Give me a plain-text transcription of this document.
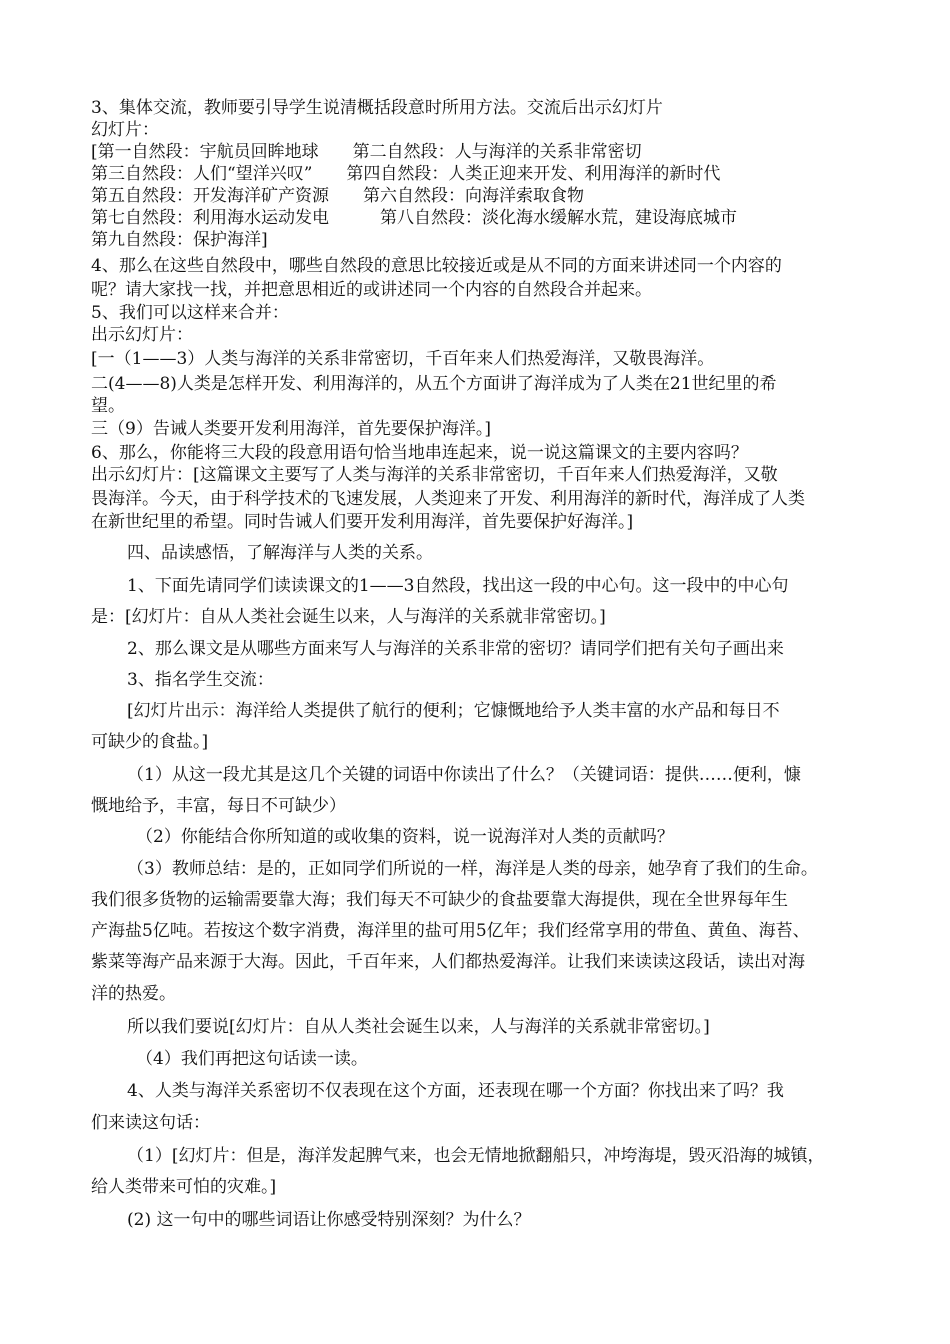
3、集体交流，教师要引导学生说清概括段意时所用方法。交流后出示幻灯片
幻灯片：
[第一自然段：宇航员回眸地球　　第二自然段：人与海洋的关系非常密切
第三自然段：人们“望洋兴叹”　　第四自然段：人类正迎来开发、利用海洋的新时代
第五自然段：开发海洋矿产资源　　第六自然段：向海洋索取食物
第七自然段：利用海水运动发电　　　第八自然段：淡化海水缓解水荒，建设海底城市
第九自然段：保护海洋]
4、那么在这些自然段中，哪些自然段的意思比较接近或是从不同的方面来讲述同一个内容的
呢？请大家找一找，并把意思相近的或讲述同一个内容的自然段合并起来。
5、我们可以这样来合并：
出示幻灯片：
[一（1——3）人类与海洋的关系非常密切，千百年来人们热爱海洋，又敬畏海洋。
二(4——8)人类是怎样开发、利用海洋的，从五个方面讲了海洋成为了人类在21世纪里的希
望。
三（9）告诫人类要开发利用海洋，首先要保护海洋。]
6、那么，你能将三大段的段意用语句恰当地串连起来，说一说这篇课文的主要内容吗？
出示幻灯片：[这篇课文主要写了人类与海洋的关系非常密切，千百年来人们热爱海洋，又敬
畏海洋。今天，由于科学技术的飞速发展，人类迎来了开发、利用海洋的新时代，海洋成了人类
在新世纪里的希望。同时告诫人们要开发利用海洋，首先要保护好海洋。]
四、品读感悟，了解海洋与人类的关系。
1、下面先请同学们读读课文的1——3自然段，找出这一段的中心句。这一段中的中心句
是：[幻灯片：自从人类社会诞生以来，人与海洋的关系就非常密切。]
2、那么课文是从哪些方面来写人与海洋的关系非常的密切？请同学们把有关句子画出来
3、指名学生交流：
[幻灯片出示：海洋给人类提供了航行的便利；它慷慨地给予人类丰富的水产品和每日不
可缺少的食盐。]
（1）从这一段尤其是这几个关键的词语中你读出了什么？（关键词语：提供……便利，慷
慨地给予，丰富，每日不可缺少）
（2）你能结合你所知道的或收集的资料，说一说海洋对人类的贡献吗？
（3）教师总结：是的，正如同学们所说的一样，海洋是人类的母亲，她孕育了我们的生命。
我们很多货物的运输需要靠大海；我们每天不可缺少的食盐要靠大海提供，现在全世界每年生
产海盐5亿吨。若按这个数字消费，海洋里的盐可用5亿年；我们经常享用的带鱼、黄鱼、海苔、
紫菜等海产品来源于大海。因此，千百年来，人们都热爱海洋。让我们来读读这段话，读出对海
洋的热爱。
所以我们要说[幻灯片：自从人类社会诞生以来，人与海洋的关系就非常密切。]
（4）我们再把这句话读一读。
4、人类与海洋关系密切不仅表现在这个方面，还表现在哪一个方面？你找出来了吗？我
们来读这句话：
（1）[幻灯片：但是，海洋发起脾气来，也会无情地掀翻船只，冲垮海堤，毁灭沿海的城镇，
给人类带来可怕的灾难。]
(2) 这一句中的哪些词语让你感受特别深刻？为什么？
